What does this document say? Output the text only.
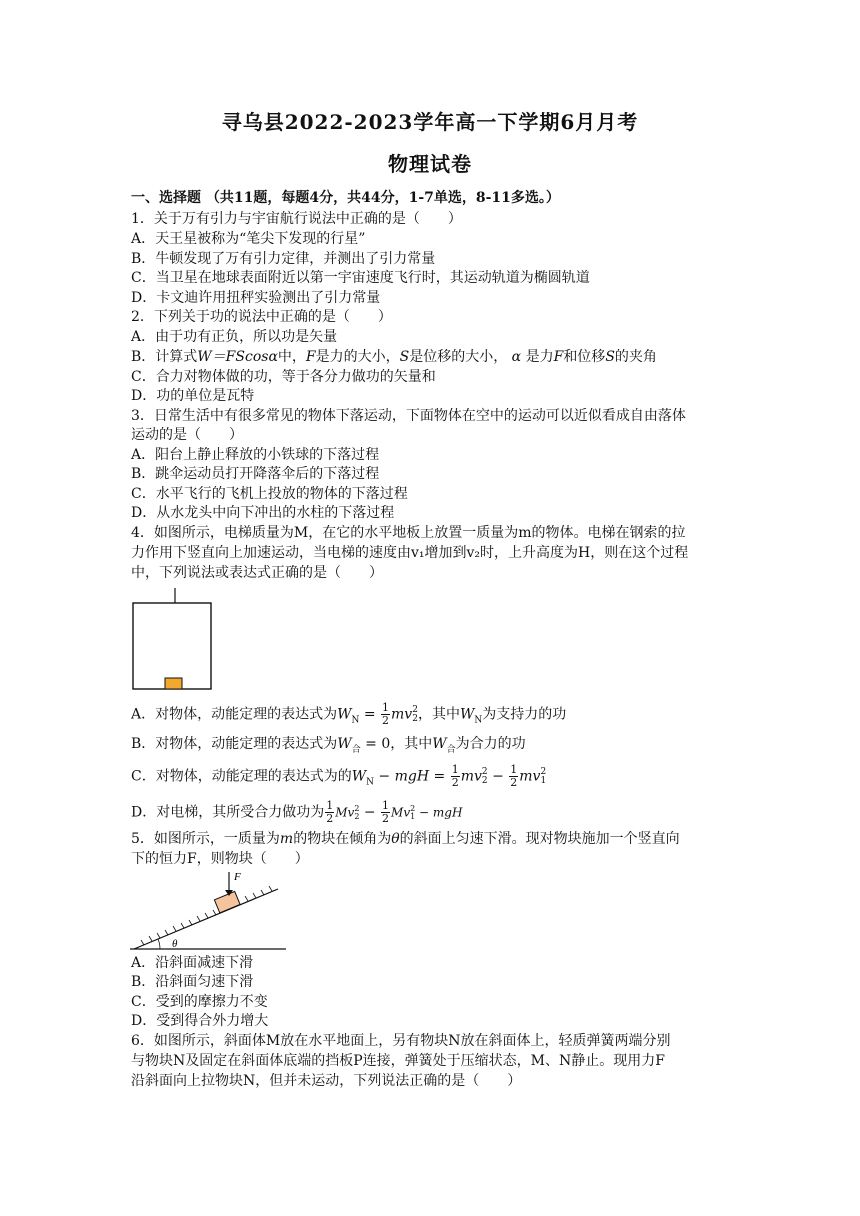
寻乌县2022-2023学年高一下学期6月月考
物理试卷
一、选择题 （共11题，每题4分，共44分，1-7单选，8-11多选。）
1．关于万有引力与宇宙航行说法中正确的是（　　）
A．天王星被称为“笔尖下发现的行星”
B．牛顿发现了万有引力定律，并测出了引力常量
C．当卫星在地球表面附近以第一宇宙速度飞行时，其运动轨道为椭圆轨道
D．卡文迪许用扭秤实验测出了引力常量
2．下列关于功的说法中正确的是（　　）
A．由于功有正负，所以功是矢量
B．计算式W＝FScosα中，F是力的大小，S是位移的大小， α 是力F和位移S的夹角
C．合力对物体做的功，等于各分力做功的矢量和
D．功的单位是瓦特
3．日常生活中有很多常见的物体下落运动，下面物体在空中的运动可以近似看成自由落体
运动的是（　　）
A．阳台上静止释放的小铁球的下落过程
B．跳伞运动员打开降落伞后的下落过程
C．水平飞行的飞机上投放的物体的下落过程
D．从水龙头中向下冲出的水柱的下落过程
4．如图所示，电梯质量为M，在它的水平地板上放置一质量为m的物体。电梯在钢索的拉
力作用下竖直向上加速运动，当电梯的速度由v₁增加到v₂时，上升高度为H，则在这个过程
中，下列说法或表达式正确的是（　　）
A．对物体，动能定理的表达式为$W_N = \frac{1}{2}$ mv 2
2 ，其中$W_N$为支持力的功
B．对物体，动能定理的表达式为$W_合 = 0$，其中$W_合$为合力的功
C．对物体，动能定理的表达式为的$W_N$ − mgH = $\frac{1}{2}$ mv 2
$2 - \frac{1}{2}$ mv 2
1
D．对电梯，其所受合力做功为 $\frac{1}{2}$ Mv 2
$2 - \frac{1}{2}$ Mv 2
1 − mgH
5．如图所示，一质量为m的物块在倾角为θ的斜面上匀速下滑。现对物块施加一个竖直向
下的恒力F，则物块（　　）
F
θ
A．沿斜面减速下滑
B．沿斜面匀速下滑
C．受到的摩擦力不变
D．受到得合外力增大
6．如图所示，斜面体M放在水平地面上，另有物块N放在斜面体上，轻质弹簧两端分别
与物块N及固定在斜面体底端的挡板P连接，弹簧处于压缩状态，M、N静止。现用力F
沿斜面向上拉物块N，但并未运动，下列说法正确的是（　　）
